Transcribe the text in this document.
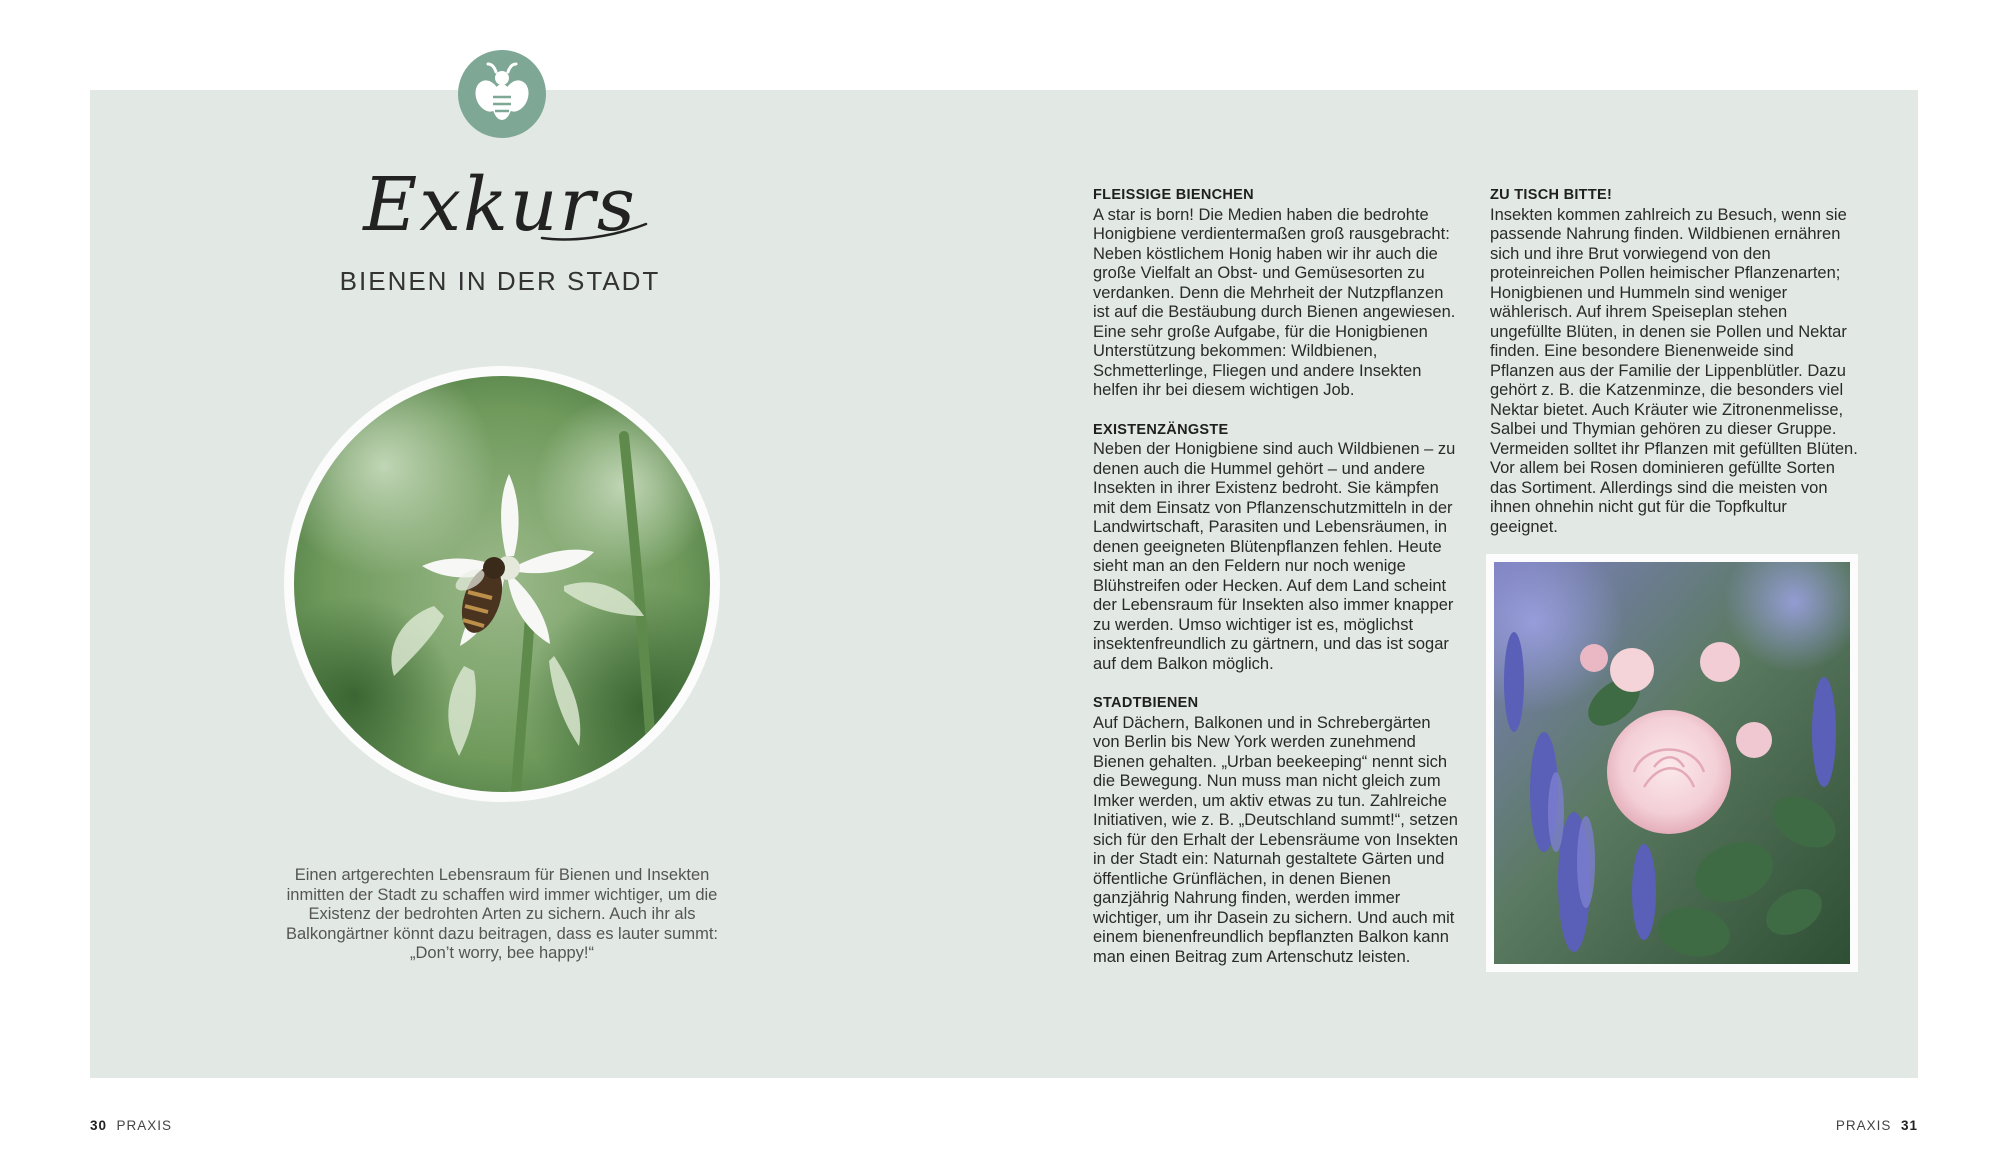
Exkurs
BIENEN IN DER STADT
Einen artgerechten Lebensraum für Bienen und Insekten inmitten der Stadt zu schaffen wird immer wichtiger, um die Existenz der bedrohten Arten zu sichern. Auch ihr als Balkongärtner könnt dazu beitragen, dass es lauter summt: „Don’t worry, bee happy!“

FLEISSIGE BIENCHEN

A star is born! Die Medien haben die bedrohte Honigbiene verdientermaßen groß rausgebracht: Neben köstlichem Honig haben wir ihr auch die große Vielfalt an Obst- und Gemüsesorten zu verdanken. Denn die Mehrheit der Nutzpflanzen ist auf die Bestäubung durch Bienen angewiesen. Eine sehr große Aufgabe, für die Honigbienen Unterstützung bekommen: Wildbienen, Schmetterlinge, Fliegen und andere Insekten helfen ihr bei diesem wichtigen Job.

EXISTENZÄNGSTE

Neben der Honigbiene sind auch Wildbienen – zu denen auch die Hummel gehört – und andere Insekten in ihrer Existenz bedroht. Sie kämpfen mit dem Einsatz von Pflanzenschutzmitteln in der Landwirtschaft, Parasiten und Lebensräumen, in denen geeigneten Blütenpflanzen fehlen. Heute sieht man an den Feldern nur noch wenige Blühstreifen oder Hecken. Auf dem Land scheint der Lebensraum für Insekten also immer knapper zu werden. Umso wichtiger ist es, möglichst insektenfreundlich zu gärtnern, und das ist sogar auf dem Balkon möglich.

STADTBIENEN

Auf Dächern, Balkonen und in Schrebergärten von Berlin bis New York werden zunehmend Bienen gehalten. „Urban beekeeping“ nennt sich die Bewegung. Nun muss man nicht gleich zum Imker werden, um aktiv etwas zu tun. Zahlreiche Initiativen, wie z. B. „Deutschland summt!“, setzen sich für den Erhalt der Lebensräume von Insekten in der Stadt ein: Naturnah gestaltete Gärten und öffentliche Grünflächen, in denen Bienen ganzjährig Nahrung finden, werden immer wichtiger, um ihr Dasein zu sichern. Und auch mit einem bienenfreundlich bepflanzten Balkon kann man einen Beitrag zum Artenschutz leisten.

ZU TISCH BITTE!

Insekten kommen zahlreich zu Besuch, wenn sie passende Nahrung finden. Wildbienen ernähren sich und ihre Brut vorwiegend von den proteinreichen Pollen heimischer Pflanzenarten; Honigbienen und Hummeln sind weniger wählerisch. Auf ihrem Speiseplan stehen ungefüllte Blüten, in denen sie Pollen und Nektar finden. Eine besondere Bienenweide sind Pflanzen aus der Familie der Lippenblütler. Dazu gehört z. B. die Katzenminze, die besonders viel Nektar bietet. Auch Kräuter wie Zitronenmelisse, Salbei und Thymian gehören zu dieser Gruppe. Vermeiden solltet ihr Pflanzen mit gefüllten Blüten. Vor allem bei Rosen dominieren gefüllte Sorten das Sortiment. Allerdings sind die meisten von ihnen ohnehin nicht gut für die Topfkultur geeignet.

30 PRAXIS	PRAXIS 31
